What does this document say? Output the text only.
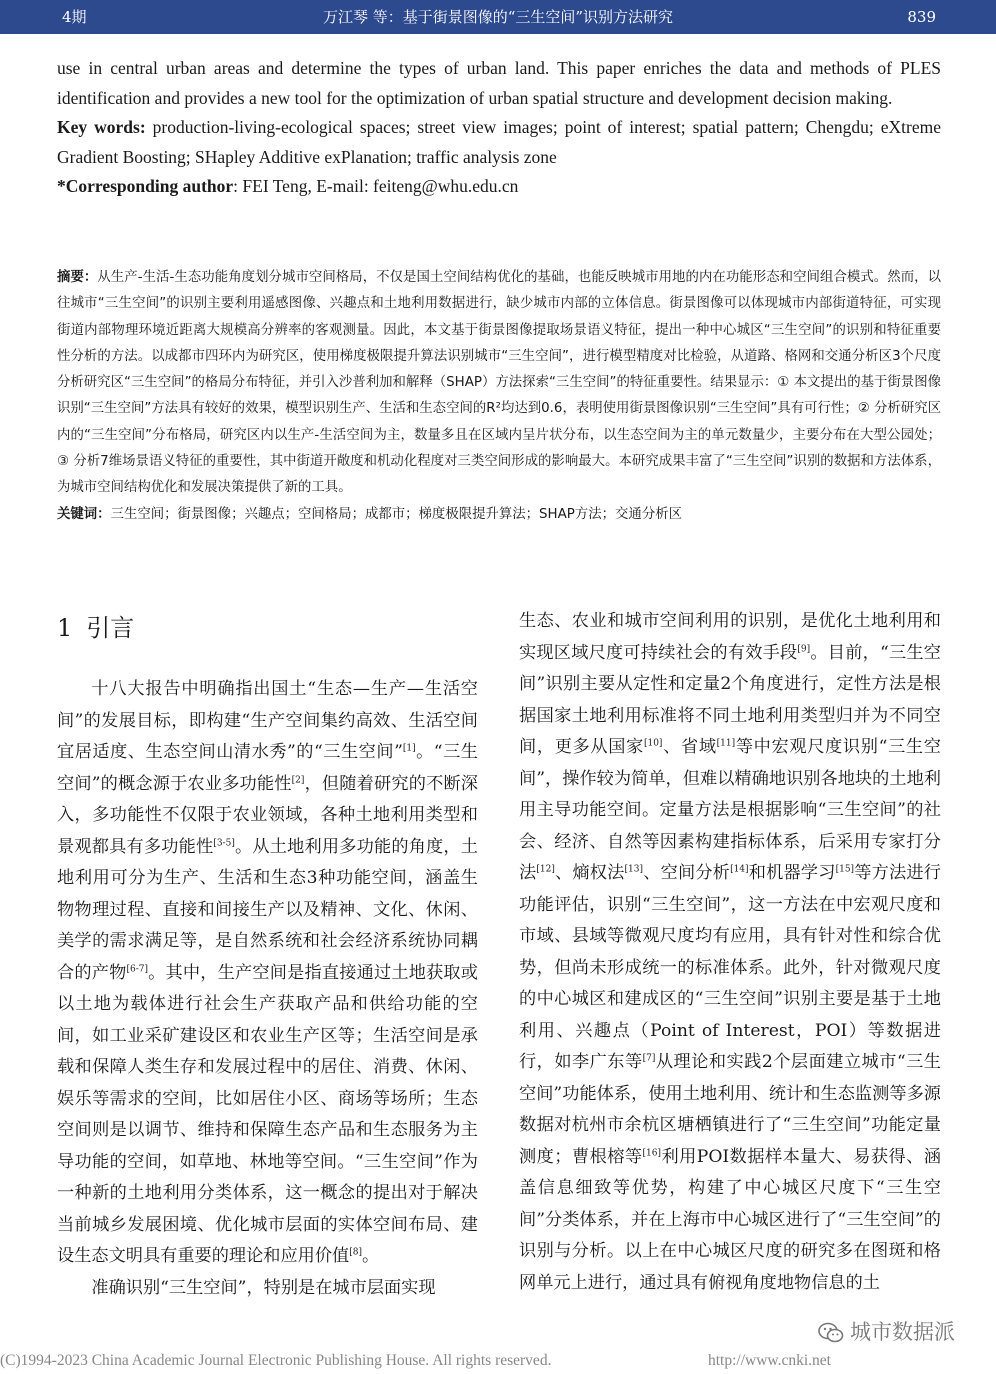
4期	万江琴 等：基于街景图像的“三生空间”识别方法研究	839

use in central urban areas and determine the types of urban land. This paper enriches the data and methods of PLES identification and provides a new tool for the optimization of urban spatial structure and development decision making.

Key words: production-living-ecological spaces; street view images; point of interest; spatial pattern; Chengdu; eXtreme Gradient Boosting; SHapley Additive exPlanation; traffic analysis zone

*Corresponding author: FEI Teng, E-mail: feiteng@whu.edu.cn

摘要：从生产-生活-生态功能角度划分城市空间格局，不仅是国土空间结构优化的基础，也能反映城市用地的内在功能形态和空间组合模式。然而，以往城市“三生空间”的识别主要利用遥感图像、兴趣点和土地利用数据进行，缺少城市内部的立体信息。街景图像可以体现城市内部街道特征，可实现街道内部物理环境近距离大规模高分辨率的客观测量。因此，本文基于街景图像提取场景语义特征，提出一种中心城区“三生空间”的识别和特征重要性分析的方法。以成都市四环内为研究区，使用梯度极限提升算法识别城市“三生空间”，进行模型精度对比检验，从道路、格网和交通分析区3个尺度分析研究区“三生空间”的格局分布特征，并引入沙普利加和解释（SHAP）方法探索“三生空间”的特征重要性。结果显示：① 本文提出的基于街景图像识别“三生空间”方法具有较好的效果，模型识别生产、生活和生态空间的R²均达到0.6，表明使用街景图像识别“三生空间”具有可行性；② 分析研究区内的“三生空间”分布格局，研究区内以生产-生活空间为主，数量多且在区域内呈片状分布，以生态空间为主的单元数量少，主要分布在大型公园处；③ 分析7维场景语义特征的重要性，其中街道开敞度和机动化程度对三类空间形成的影响最大。本研究成果丰富了“三生空间”识别的数据和方法体系，为城市空间结构优化和发展决策提供了新的工具。

关键词：三生空间；街景图像；兴趣点；空间格局；成都市；梯度极限提升算法；SHAP方法；交通分析区

1 引言

十八大报告中明确指出国土“生态—生产—生活空间”的发展目标，即构建“生产空间集约高效、生活空间宜居适度、生态空间山清水秀”的“三生空间”[1]。“三生空间”的概念源于农业多功能性[2]，但随着研究的不断深入，多功能性不仅限于农业领域，各种土地利用类型和景观都具有多功能性[3-5]。从土地利用多功能的角度，土地利用可分为生产、生活和生态3种功能空间，涵盖生物物理过程、直接和间接生产以及精神、文化、休闲、美学的需求满足等，是自然系统和社会经济系统协同耦合的产物[6-7]。其中，生产空间是指直接通过土地获取或以土地为载体进行社会生产获取产品和供给功能的空间，如工业采矿建设区和农业生产区等；生活空间是承载和保障人类生存和发展过程中的居住、消费、休闲、娱乐等需求的空间，比如居住小区、商场等场所；生态空间则是以调节、维持和保障生态产品和生态服务为主导功能的空间，如草地、林地等空间。“三生空间”作为一种新的土地利用分类体系，这一概念的提出对于解决当前城乡发展困境、优化城市层面的实体空间布局、建设生态文明具有重要的理论和应用价值[8]。

准确识别“三生空间”，特别是在城市层面实现

生态、农业和城市空间利用的识别，是优化土地利用和实现区域尺度可持续社会的有效手段[9]。目前，“三生空间”识别主要从定性和定量2个角度进行，定性方法是根据国家土地利用标准将不同土地利用类型归并为不同空间，更多从国家[10]、省域[11]等中宏观尺度识别“三生空间”，操作较为简单，但难以精确地识别各地块的土地利用主导功能空间。定量方法是根据影响“三生空间”的社会、经济、自然等因素构建指标体系，后采用专家打分法[12]、熵权法[13]、空间分析[14]和机器学习[15]等方法进行功能评估，识别“三生空间”，这一方法在中宏观尺度和市域、县域等微观尺度均有应用，具有针对性和综合优势，但尚未形成统一的标准体系。此外，针对微观尺度的中心城区和建成区的“三生空间”识别主要是基于土地利用、兴趣点（Point of Interest，POI）等数据进行，如李广东等[7]从理论和实践2个层面建立城市“三生空间”功能体系，使用土地利用、统计和生态监测等多源数据对杭州市余杭区塘栖镇进行了“三生空间”功能定量测度；曹根榕等[16]利用POI数据样本量大、易获得、涵盖信息细致等优势，构建了中心城区尺度下“三生空间”分类体系，并在上海市中心城区进行了“三生空间”的识别与分析。以上在中心城区尺度的研究多在图斑和格网单元上进行，通过具有俯视角度地物信息的土

城市数据派
(C)1994-2023 China Academic Journal Electronic Publishing House. All rights reserved.	http://www.cnki.net
